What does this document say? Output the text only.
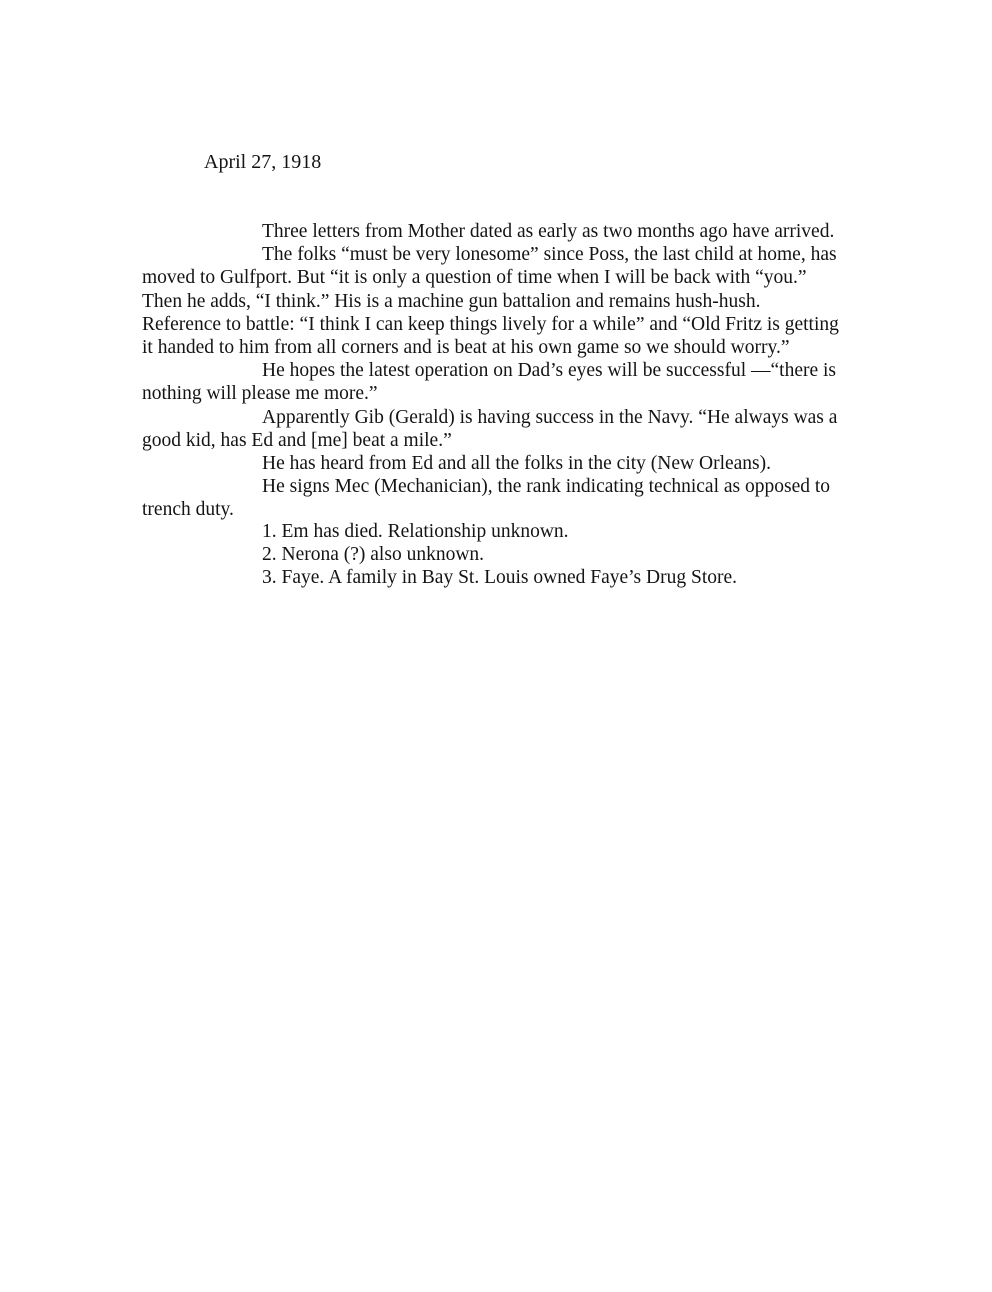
April 27, 1918
Three letters from Mother dated as early as two months ago have arrived.
The folks “must be very lonesome” since Poss, the last child at home, has
moved to Gulfport. But “it is only a question of time when I will be back with “you.”
Then he adds, “I think.” His is a machine gun battalion and remains hush-hush.
Reference to battle: “I think I can keep things lively for a while” and “Old Fritz is getting
it handed to him from all corners and is beat at his own game so we should worry.”
He hopes the latest operation on Dad’s eyes will be successful —“there is
nothing will please me more.”
Apparently Gib (Gerald) is having success in the Navy. “He always was a
good kid, has Ed and [me] beat a mile.”
He has heard from Ed and all the folks in the city (New Orleans).
He signs Mec (Mechanician), the rank indicating technical as opposed to
trench duty.
1. Em has died. Relationship unknown.
2. Nerona (?) also unknown.
3. Faye. A family in Bay St. Louis owned Faye’s Drug Store.
